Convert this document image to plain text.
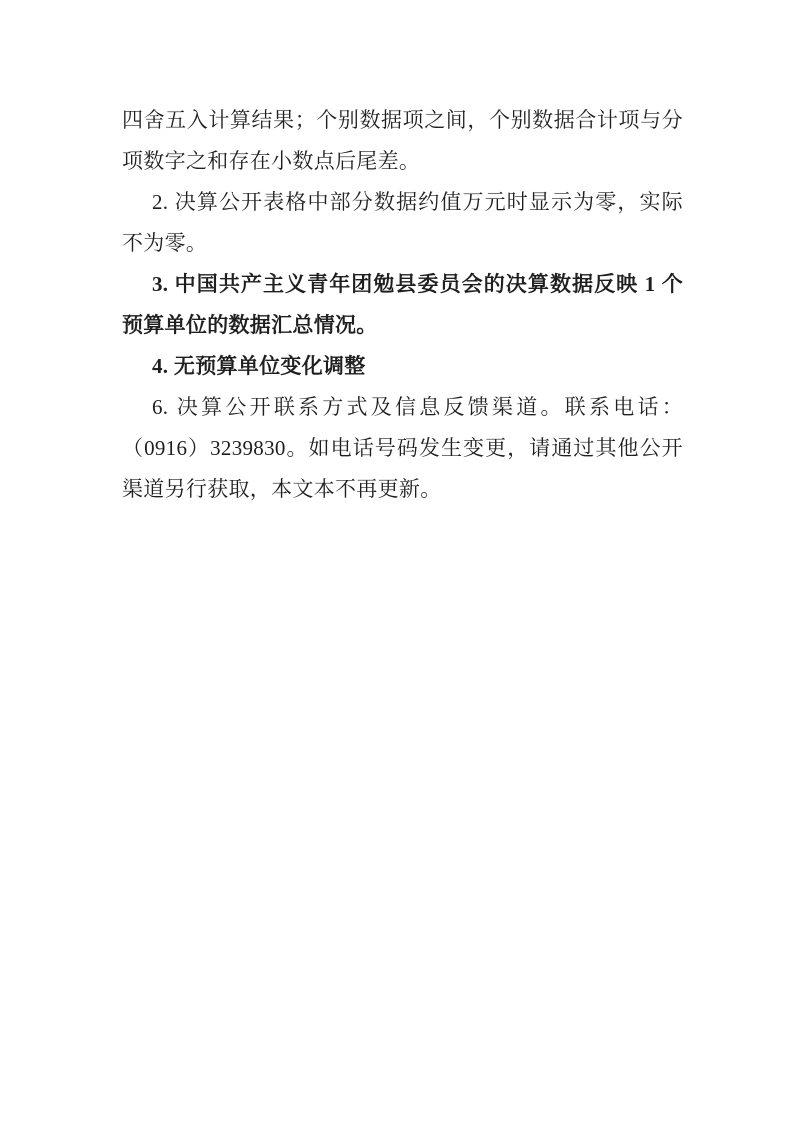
四舍五入计算结果；个别数据项之间，个别数据合计项与分
项数字之和存在小数点后尾差。

2. 决算公开表格中部分数据约值万元时显示为零，实际
不为零。

3. 中国共产主义青年团勉县委员会的决算数据反映 1 个
预算单位的数据汇总情况。

4. 无预算单位变化调整

6. 决算公开联系方式及信息反馈渠道。联系电话：
（0916）3239830。如电话号码发生变更，请通过其他公开
渠道另行获取，本文本不再更新。
